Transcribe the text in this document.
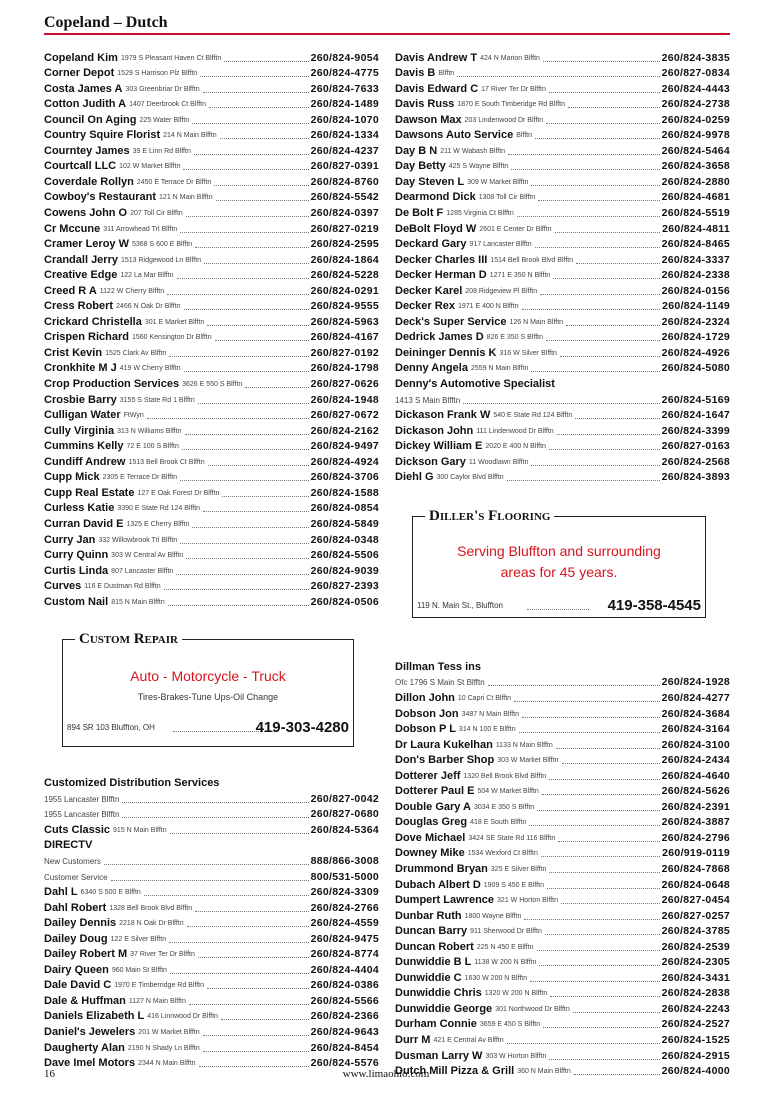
Copeland – Dutch
Copeland Kim 1979 S Pleasant Haven Ct Blfftn	260/824-9054
Corner Depot 1529 S Harrison Plz Blfftn	260/824-4775
Costa James A 303 Greenbriar Dr Blfftn	260/824-7633
Cotton Judith A 1407 Deerbrook Ct Blfftn	260/824-1489
Council On Aging 225 Water Blfftn	260/824-1070
Country Squire Florist 214 N Main Blfftn	260/824-1334
Courntey James 39 E Linn Rd Blfftn	260/824-4237
Courtcall LLC 102 W Market Blfftn	260/827-0391
Coverdale Rollyn 2450 E Terrace Dr Blfftn	260/824-8760
Cowboy's Restaurant 121 N Main Blfftn	260/824-5542
Cowens John O 207 Toll Cir Blfftn	260/824-0397
Cr Mccune 311 Arrowhead Trl Blfftn	260/827-0219
Cramer Leroy W 5368 S 600 E Blfftn	260/824-2595
Crandall Jerry 1513 Ridgewood Ln Blfftn	260/824-1864
Creative Edge 122 La Mar Blfftn	260/824-5228
Creed R A 1122 W Cherry Blfftn	260/824-0291
Cress Robert 2466 N Oak Dr Blfftn	260/824-9555
Crickard Christella 301 E Market Blfftn	260/824-5963
Crispen Richard 1560 Kensington Dr Blfftn	260/824-4167
Crist Kevin 1525 Clark Av Blfftn	260/827-0192
Cronkhite M J 419 W Cherry Blfftn	260/824-1798
Crop Production Services 3626 E 550 S Blfftn	260/827-0626
Crosbie Barry 3155 S State Rd 1 Blfftn	260/824-1948
Culligan Water FtWyn	260/827-0672
Cully Virginia 313 N Williams Blfftn	260/824-2162
Cummins Kelly 72 E 100 S Blfftn	260/824-9497
Cundiff Andrew 1513 Bell Brook Ct Blfftn	260/824-4924
Cupp Mick 2305 E Terrace Dr Blfftn	260/824-3706
Cupp Real Estate 127 E Oak Forest Dr Blfftn	260/824-1588
Curless Katie 3390 E State Rd 124 Blfftn	260/824-0854
Curran David E 1325 E Cherry Blfftn	260/824-5849
Curry Jan 332 Willowbrook Trl Blfftn	260/824-0348
Curry Quinn 303 W Central Av Blfftn	260/824-5506
Curtis Linda 807 Lancaster Blfftn	260/824-9039
Curves 116 E Dustman Rd Blfftn	260/827-2393
Custom Nail 815 N Main Blfftn	260/824-0506
Customized Distribution Services
1955 Lancaster Blfftn	260/827-0042
1955 Lancaster Blfftn	260/827-0680
Cuts Classic 915 N Main Blfftn	260/824-5364
DIRECTV
New Customers	888/866-3008
Customer Service	800/531-5000
Dahl L 6340 S 500 E Blfftn	260/824-3309
Dahl Robert 1328 Bell Brook Blvd Blfftn	260/824-2766
Dailey Dennis 2218 N Oak Dr Blfftn	260/824-4559
Dailey Doug 122 E Silver Blfftn	260/824-9475
Dailey Robert M 37 River Ter Dr Blfftn	260/824-8774
Dairy Queen 960 Main St Blfftn	260/824-4404
Dale David C 1970 E Timberridge Rd Blfftn	260/824-0386
Dale & Huffman 1127 N Main Blfftn	260/824-5566
Daniels Elizabeth L 416 Linnwood Dr Blfftn	260/824-2366
Daniel's Jewelers 201 W Market Blfftn	260/824-9643
Daugherty Alan 2190 N Shady Ln Blfftn	260/824-8454
Dave Imel Motors 2344 N Main Blfftn	260/824-5576
Davis Andrew T 424 N Marion Blfftn	260/824-3835
Davis B Blfftn	260/827-0834
Davis Edward C 17 River Ter Dr Blfftn	260/824-4443
Davis Russ 1870 E South Timberidge Rd Blfftn	260/824-2738
Dawson Max 203 Lindenwood Dr Blfftn	260/824-0259
Dawsons Auto Service Blfftn	260/824-9978
Day B N 211 W Wabash Blfftn	260/824-5464
Day Betty 425 S Wayne Blfftn	260/824-3658
Day Steven L 309 W Market Blfftn	260/824-2880
Dearmond Dick 1308 Toll Cir Blfftn	260/824-4681
De Bolt F 1285 Virginia Ct Blfftn	260/824-5519
DeBolt Floyd W 2601 E Center Dr Blfftn	260/824-4811
Deckard Gary 917 Lancaster Blfftn	260/824-8465
Decker Charles III 1514 Bell Brook Blvd Blfftn	260/824-3337
Decker Herman D 1271 E 350 N Blfftn	260/824-2338
Decker Karel 208 Ridgeview Pl Blfftn	260/824-0156
Decker Rex 1971 E 400 N Blfftn	260/824-1149
Deck's Super Service 126 N Main Blfftn	260/824-2324
Dedrick James D 826 E 350 S Blfftn	260/824-1729
Deininger Dennis K 316 W Silver Blfftn	260/824-4926
Denny Angela 2559 N Main Blfftn	260/824-5080
Denny's Automotive Specialist
1413 S Main Blfftn	260/824-5169
Dickason Frank W 540 E State Rd 124 Blfftn	260/824-1647
Dickason John 111 Lindenwood Dr Blfftn	260/824-3399
Dickey William E 2020 E 400 N Blfftn	260/827-0163
Dickson Gary 11 Woodlawn Blfftn	260/824-2568
Diehl G 300 Caylor Blvd Blfftn	260/824-3893
Dillman Tess ins
Ofc 1796 S Main St Blfftn	260/824-1928
Dillon John 10 Capri Ct Blfftn	260/824-4277
Dobson Jon 3487 N Main Blfftn	260/824-3684
Dobson P L 314 N 100 E Blfftn	260/824-3164
Dr Laura Kukelhan 1133 N Main Blfftn	260/824-3100
Don's Barber Shop 303 W Market Blfftn	260/824-2434
Dotterer Jeff 1320 Bell Brook Blvd Blfftn	260/824-4640
Dotterer Paul E 504 W Market Blfftn	260/824-5626
Double Gary A 3034 E 350 S Blfftn	260/824-2391
Douglas Greg 418 E South Blfftn	260/824-3887
Dove Michael 3424 SE State Rd 116 Blfftn	260/824-2796
Downey Mike 1534 Wexford Ct Blfftn	260/919-0119
Drummond Bryan 325 E Silver Blfftn	260/824-7868
Dubach Albert D 1909 S 450 E Blfftn	260/824-0648
Dumpert Lawrence 321 W Horton Blfftn	260/827-0454
Dunbar Ruth 1800 Wayne Blfftn	260/827-0257
Duncan Barry 911 Sherwood Dr Blfftn	260/824-3785
Duncan Robert 225 N 450 E Blfftn	260/824-2539
Dunwiddie B L 1138 W 200 N Blfftn	260/824-2305
Dunwiddie C 1630 W 200 N Blfftn	260/824-3431
Dunwiddie Chris 1320 W 200 N Blfftn	260/824-2838
Dunwiddie George 301 Northwood Dr Blfftn	260/824-2243
Durham Connie 3659 E 450 S Blfftn	260/824-2527
Durr M 421 E Central Av Blfftn	260/824-1525
Dusman Larry W 303 W Horton Blfftn	260/824-2915
Dutch Mill Pizza & Grill 360 N Main Blfftn	260/824-4000
Custom Repair
Auto - Motorcycle - Truck
Tires-Brakes-Tune Ups-Oil Change
894 SR 103 Bluffton, OH	419-303-4280
Diller's Flooring
Serving Bluffton and surrounding
areas for 45 years.
119 N. Main St., Bluffton	419-358-4545
16	www.limaohio.com
